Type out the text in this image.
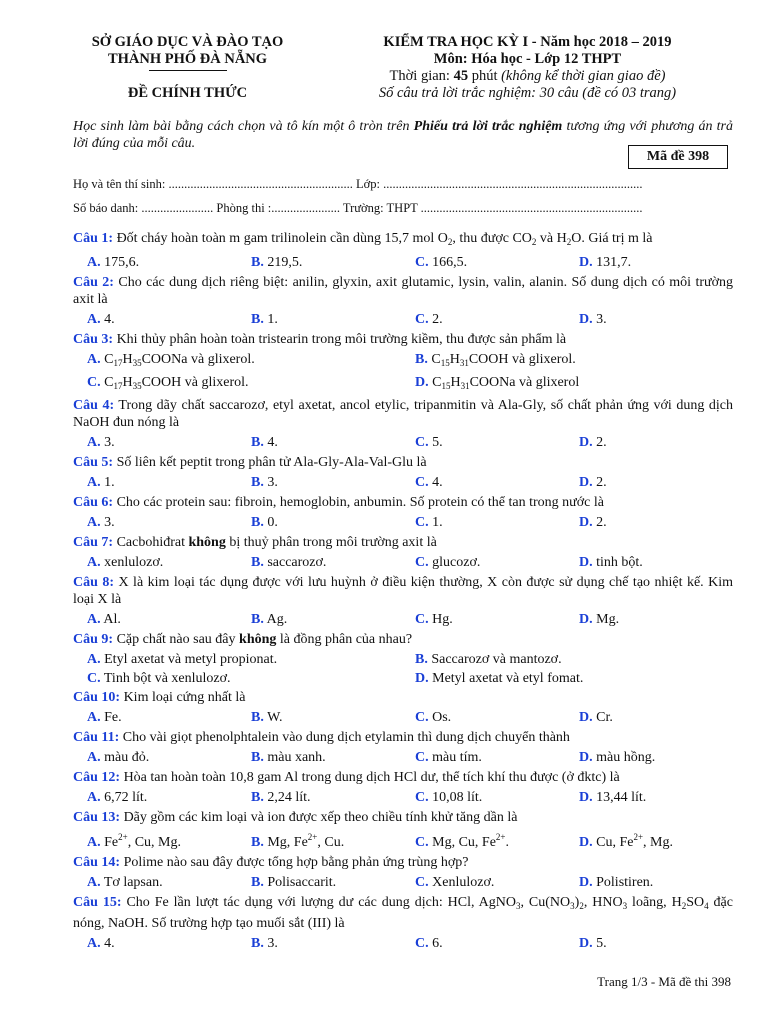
SỞ GIÁO DỤC VÀ ĐÀO TẠO
THÀNH PHỐ ĐÀ NẴNG
ĐỀ CHÍNH THỨC
KIỂM TRA HỌC KỲ I - Năm học 2018 – 2019
Môn: Hóa học - Lớp 12 THPT
Thời gian: 45 phút (không kể thời gian giao đề)
Số câu trả lời trắc nghiệm: 30 câu (đề có 03 trang)
Học sinh làm bài bằng cách chọn và tô kín một ô tròn trên Phiếu trả lời trắc nghiệm tương ứng với phương án trả lời đúng của mỗi câu.
Mã đề 398
Họ và tên thí sinh: ........................................................... Lớp: ...................................................................................
Số báo danh: ....................... Phòng thi :...................... Trường: THPT .......................................................................
Câu 1: Đốt cháy hoàn toàn m gam trilinolein cần dùng 15,7 mol $O_2$, thu được $CO_2$ và $H_2O$. Giá trị m là
A. 175,6.	B. 219,5.	C. 166,5.	D. 131,7.
Câu 2: Cho các dung dịch riêng biệt: anilin, glyxin, axit glutamic, lysin, valin, alanin. Số dung dịch có môi trường axit là
A. 4.	B. 1.	C. 2.	D. 3.
Câu 3: Khi thủy phân hoàn toàn tristearin trong môi trường kiềm, thu được sản phẩm là
A. $C_{17}H_{35}COONa$ và glixerol.	B. $C_{15}H_{31}COOH$ và glixerol.
C. $C_{17}H_{35}COOH$ và glixerol.	D. $C_{15}H_{31}COONa$ và glixerol
Câu 4: Trong dãy chất saccarozơ, etyl axetat, ancol etylic, tripanmitin và Ala-Gly, số chất phản ứng với dung dịch NaOH đun nóng là
A. 3.	B. 4.	C. 5.	D. 2.
Câu 5: Số liên kết peptit trong phân tử Ala-Gly-Ala-Val-Glu là
A. 1.	B. 3.	C. 4.	D. 2.
Câu 6: Cho các protein sau: fibroin, hemoglobin, anbumin. Số protein có thể tan trong nước là
A. 3.	B. 0.	C. 1.	D. 2.
Câu 7: Cacbohiđrat không bị thuỷ phân trong môi trường axit là
A. xenlulozơ.	B. saccarozơ.	C. glucozơ.	D. tinh bột.
Câu 8: X là kim loại tác dụng được với lưu huỳnh ở điều kiện thường, X còn được sử dụng chế tạo nhiệt kế. Kim loại X là
A. Al.	B. Ag.	C. Hg.	D. Mg.
Câu 9: Cặp chất nào sau đây không là đồng phân của nhau?
A. Etyl axetat và metyl propionat.	B. Saccarozơ và mantozơ.
C. Tinh bột và xenlulozơ.	D. Metyl axetat và etyl fomat.
Câu 10: Kim loại cứng nhất là
A. Fe.	B. W.	C. Os.	D. Cr.
Câu 11: Cho vài giọt phenolphtalein vào dung dịch etylamin thì dung dịch chuyển thành
A. màu đỏ.	B. màu xanh.	C. màu tím.	D. màu hồng.
Câu 12: Hòa tan hoàn toàn 10,8 gam Al trong dung dịch HCl dư, thể tích khí thu được (ở đktc) là
A. 6,72 lít.	B. 2,24 lít.	C. 10,08 lít.	D. 13,44 lít.
Câu 13: Dãy gồm các kim loại và ion được xếp theo chiều tính khử tăng dần là
A. $Fe^{2+}$, Cu, Mg.	B. Mg, $Fe^{2+}$, Cu.	C. Mg, Cu, $Fe^{2+}$.	D. Cu, $Fe^{2+}$, Mg.
Câu 14: Polime nào sau đây được tổng hợp bằng phản ứng trùng hợp?
A. Tơ lapsan.	B. Polisaccarit.	C. Xenlulozơ.	D. Polistiren.
Câu 15: Cho Fe lần lượt tác dụng với lượng dư các dung dịch: HCl, AgNO$_3$, $Cu(NO_3)_2$, $HNO_3$ loãng, $H_2SO_4$ đặc nóng, NaOH. Số trường hợp tạo muối sắt (III) là
A. 4.	B. 3.	C. 6.	D. 5.
Trang 1/3 - Mã đề thi 398
